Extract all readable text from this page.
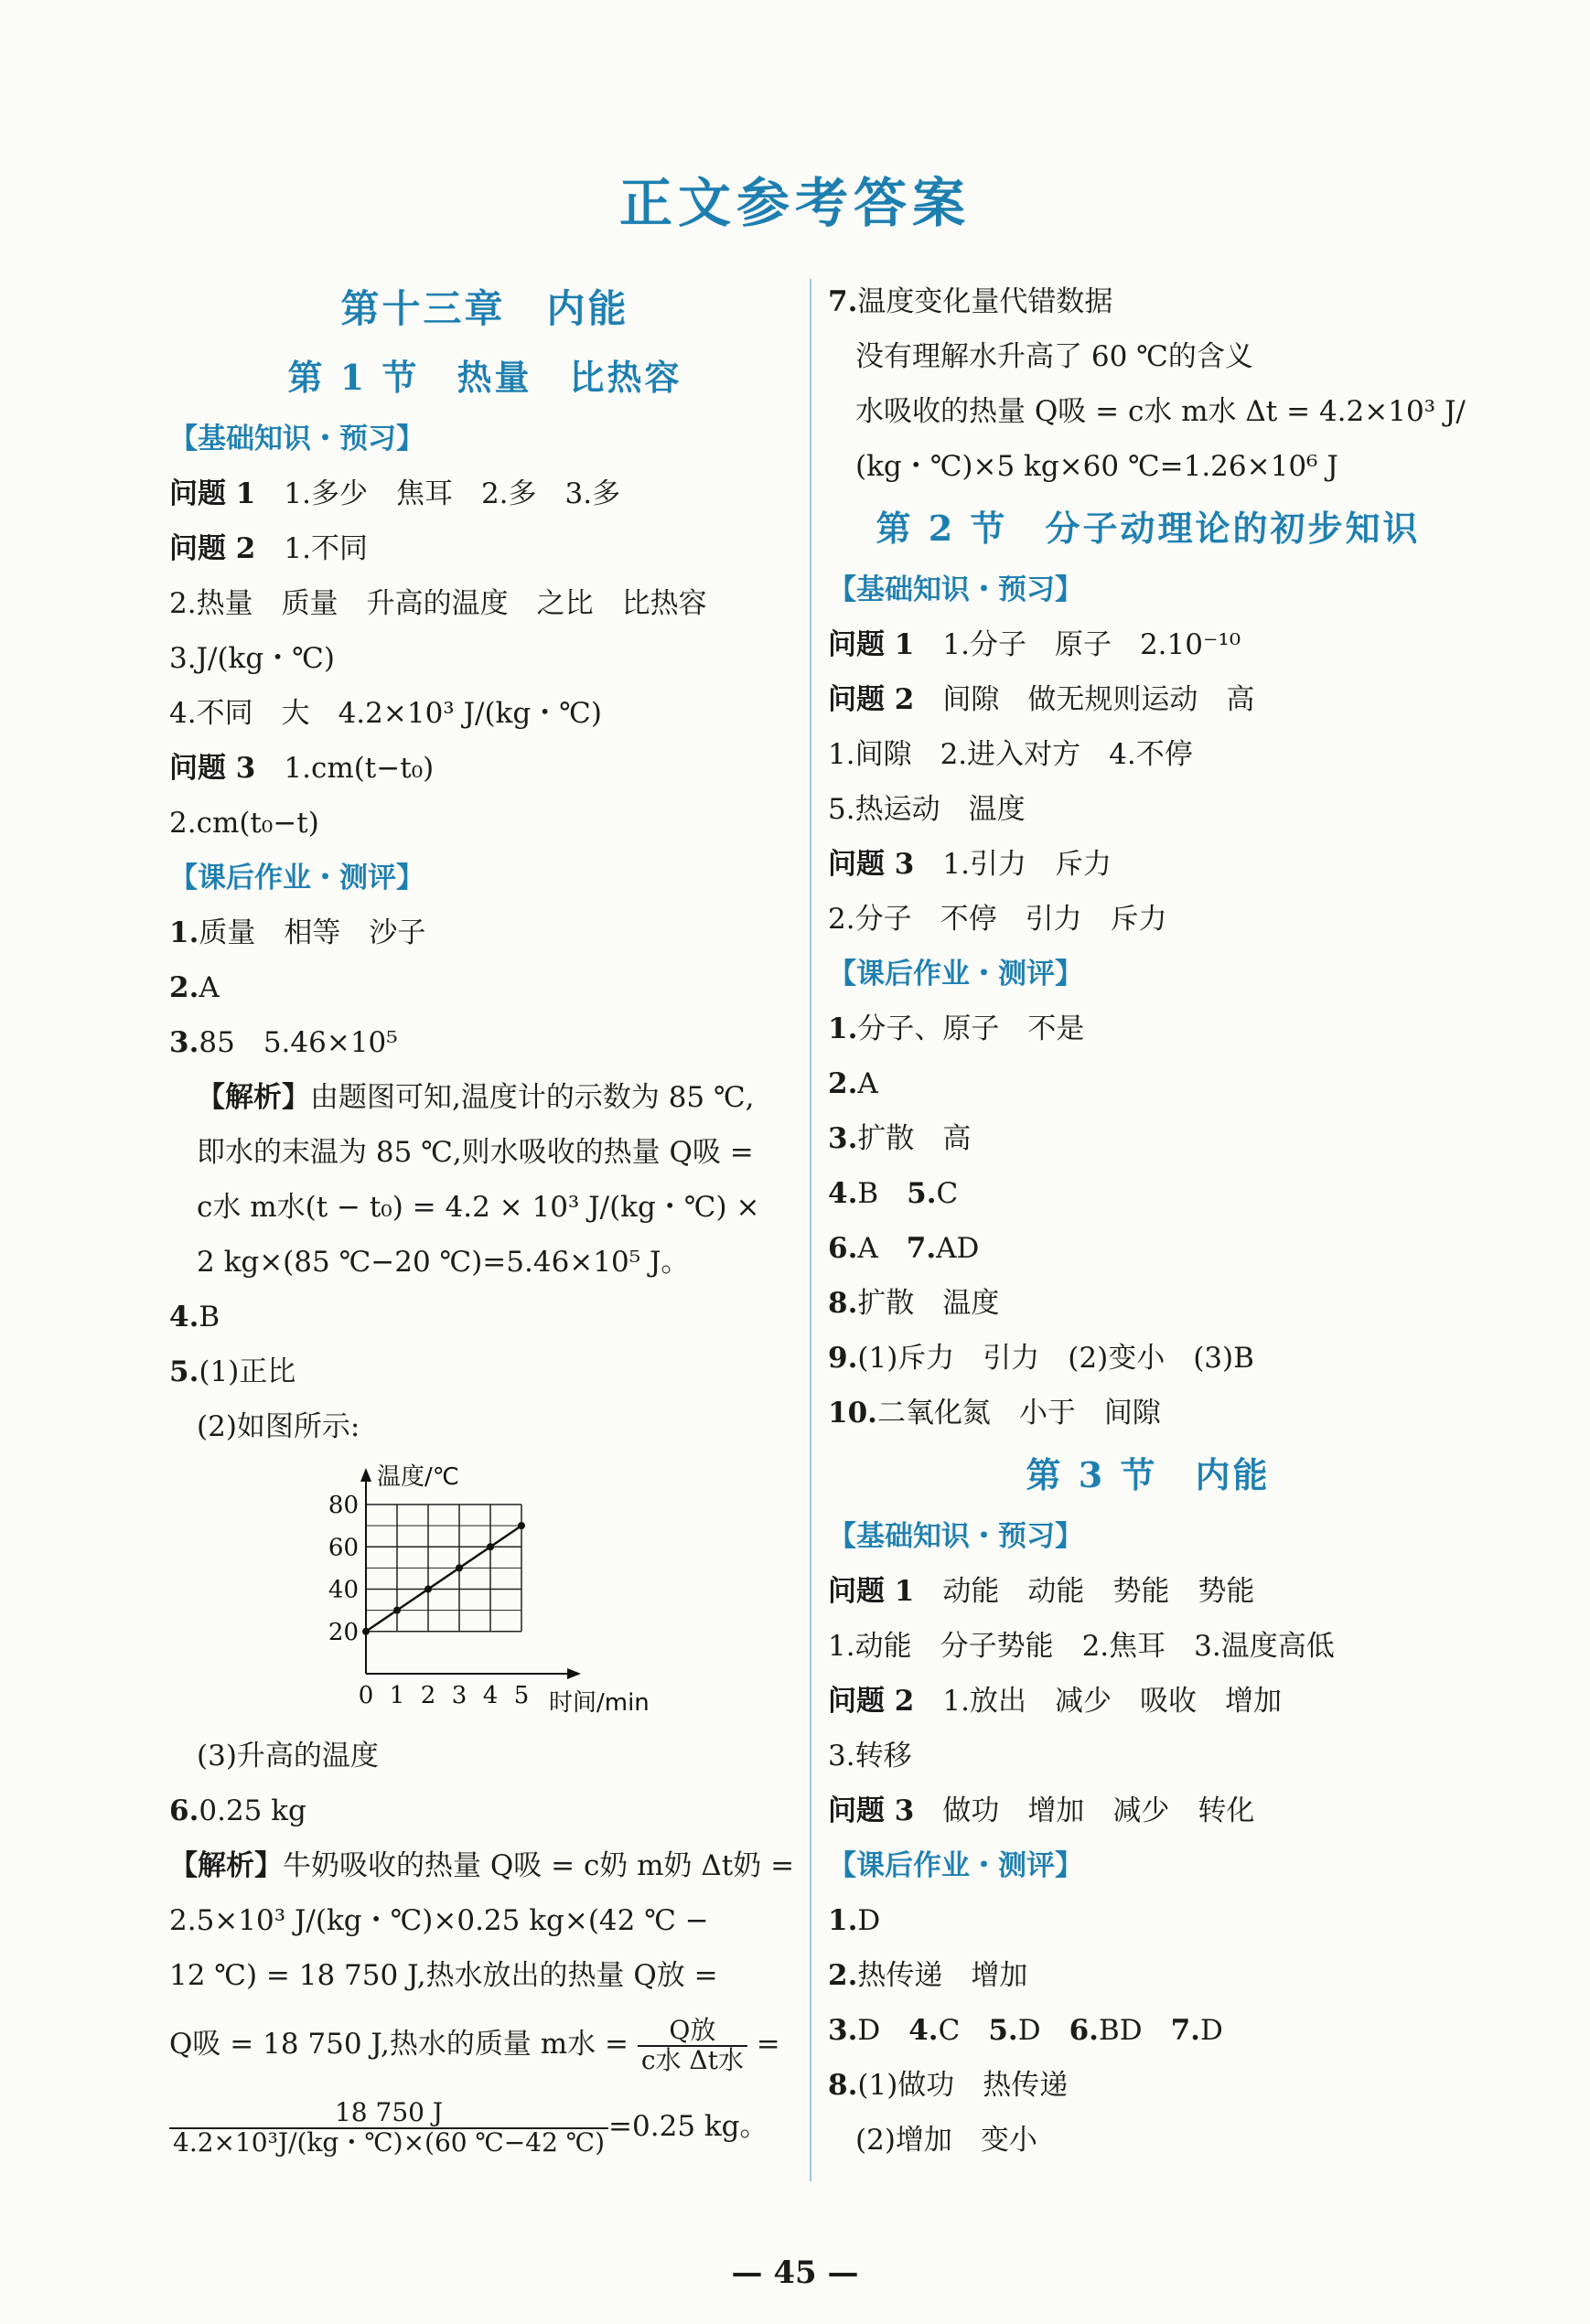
正文参考答案
第十三章　内能
第 1 节　热量　比热容
【基础知识・预习】
问题 1　 1.多少　焦耳　2.多　3.多
问题 2　 1.不同
2.热量　质量　升高的温度　之比　比热容
3.J/(kg・℃)
4.不同　大　4.2×10³ J/(kg・℃)
问题 3　 1.cm(t−t₀)
2.cm(t₀−t)
【课后作业・测评】
1.质量　相等　沙子
2.A
3.85　5.46×10⁵
【解析】由题图可知,温度计的示数为 85 ℃,
即水的末温为 85 ℃,则水吸收的热量 Q吸 =
c水 m水(t − t₀) = 4.2 × 10³ J/(kg・℃) ×
2 kg×(85 ℃−20 ℃)=5.46×10⁵ J。
4.B
5.(1)正比
(2)如图所示:
20
40
60
80
0 1 2 3 4 5
温度/℃
时间/min
(3)升高的温度
6.0.25 kg
【解析】牛奶吸收的热量 Q吸 = c奶 m奶 Δt奶 =
2.5×10³ J/(kg・℃)×0.25 kg×(42 ℃ −
12 ℃) = 18 750 J,热水放出的热量 Q放 =
Q吸 = 18 750 J,热水的质量 m水 = $\frac{\text{Q放}}{\text{c水 Δt水}}$ =
$\frac{18 750 J}{\text{4.2×10³J/(kg・℃)×(60 ℃−42 ℃)}} =0.25$ kg。
7.温度变化量代错数据
没有理解水升高了 60 ℃的含义
水吸收的热量 Q吸 = c水 m水 Δt = 4.2×10³ J/
(kg・℃)×5 kg×60 ℃=1.26×10⁶ J
第 2 节　分子动理论的初步知识
【基础知识・预习】
问题 1　 1.分子　原子　2.10⁻¹⁰
问题 2　 间隙　做无规则运动　高
1.间隙　2.进入对方　4.不停
5.热运动　温度
问题 3　 1.引力　斥力
2.分子　不停　引力　斥力
【课后作业・测评】
1.分子、原子　不是
2.A
3.扩散　高
4.B　 5.C
6.A　 7.AD
8.扩散　温度
9.(1)斥力　引力　(2)变小　(3)B
10.二氧化氮　小于　间隙
第 3 节　内能
【基础知识・预习】
问题 1　 动能　动能　势能　势能
1.动能　分子势能　2.焦耳　3.温度高低
问题 2　 1.放出　减少　吸收　增加
3.转移
问题 3　 做功　增加　减少　转化
【课后作业・测评】
1.D
2.热传递　增加
3.D　 4.C　 5.D　 6.BD　 7.D
8.(1)做功　热传递
(2)增加　变小
— 45 —
